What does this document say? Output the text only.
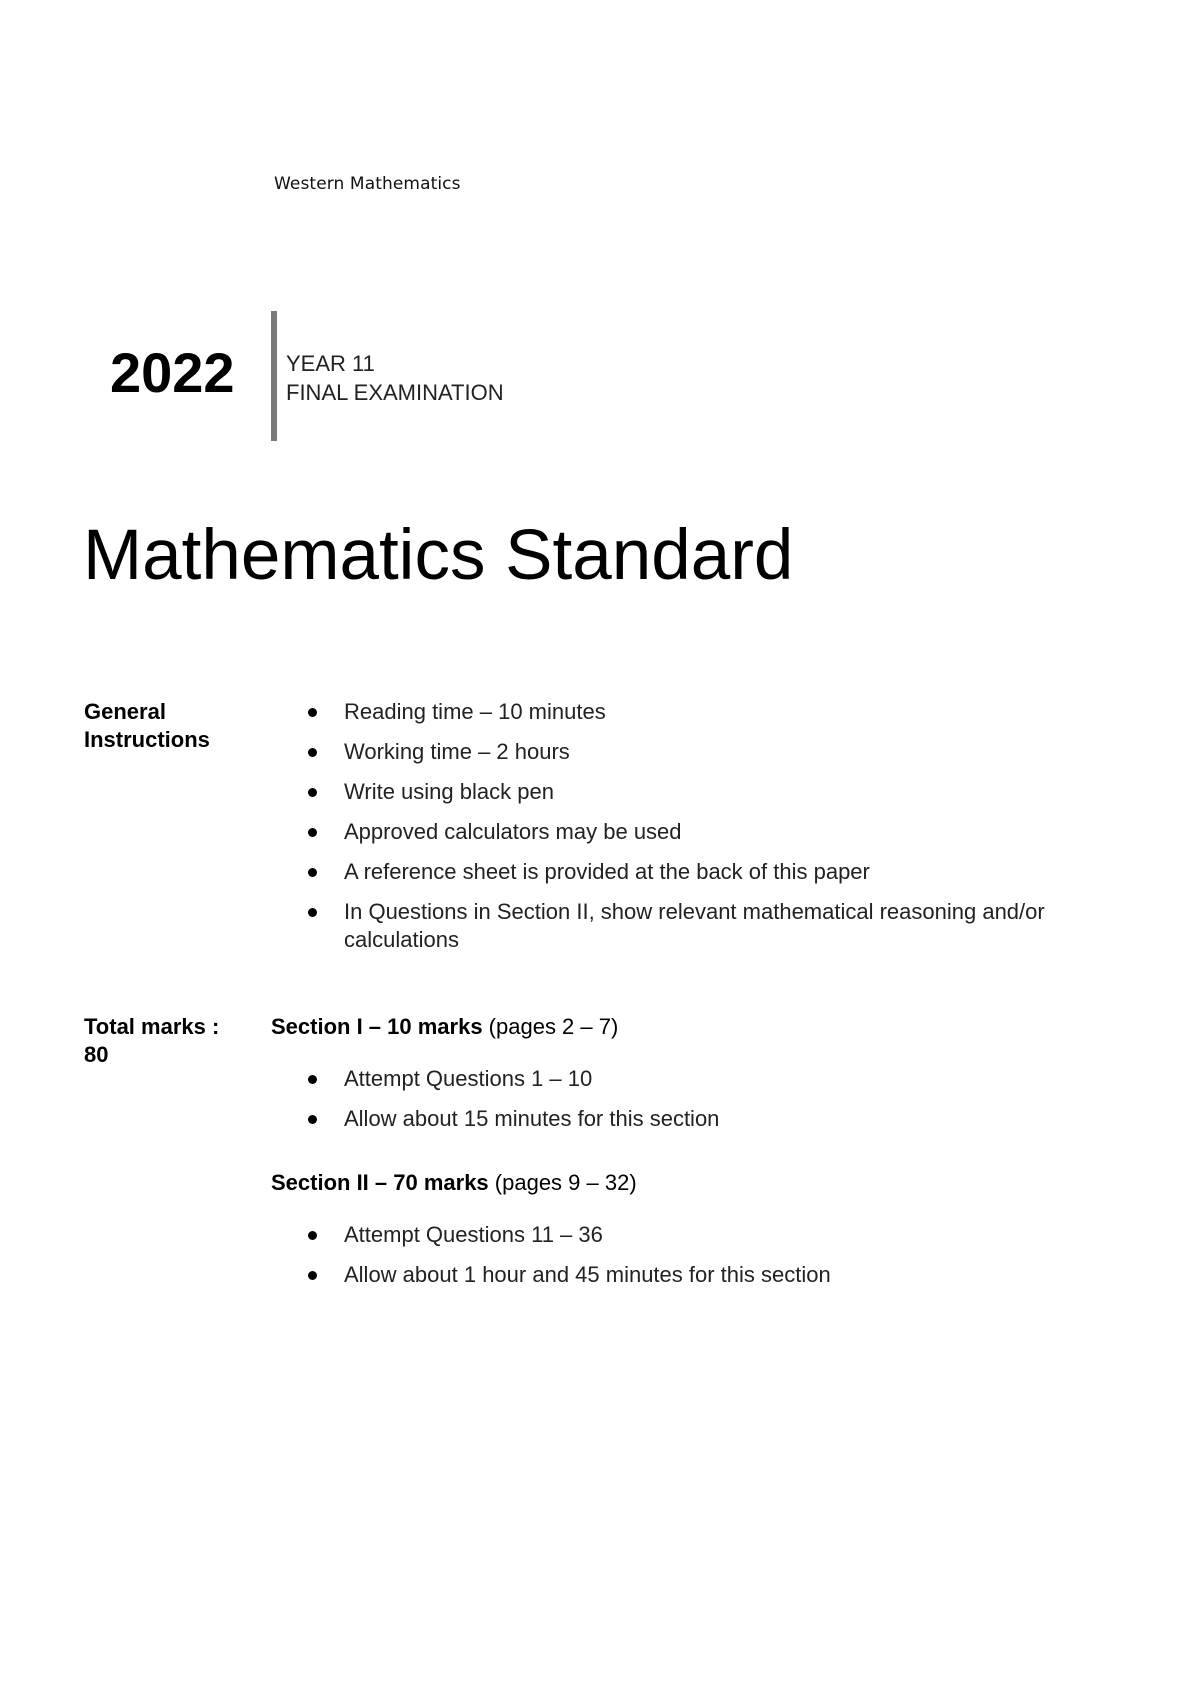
Western Mathematics
2022 YEAR 11
FINAL EXAMINATION
Mathematics Standard
General
Instructions
Reading time – 10 minutes
Working time – 2 hours
Write using black pen
Approved calculators may be used
A reference sheet is provided at the back of this paper
In Questions in Section II, show relevant mathematical reasoning and/or calculations
Total marks :
80
Section I – 10 marks (pages 2 – 7)
Attempt Questions 1 – 10
Allow about 15 minutes for this section
Section II – 70 marks (pages 9 – 32)
Attempt Questions 11 – 36
Allow about 1 hour and 45 minutes for this section
